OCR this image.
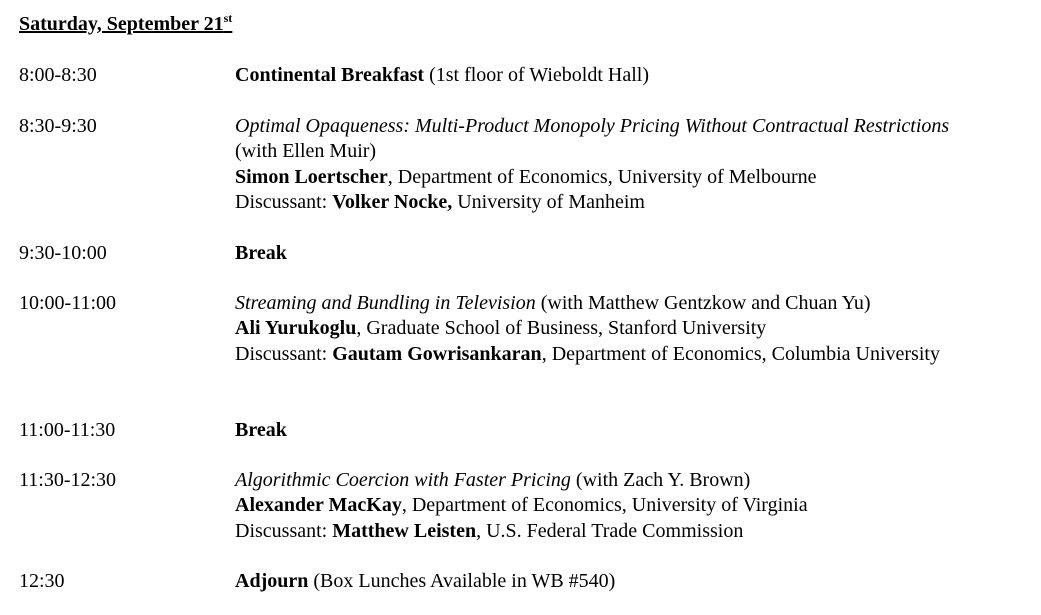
Saturday, September 21st
8:00-8:30	Continental Breakfast (1st floor of Wieboldt Hall)
8:30-9:30	Optimal Opaqueness: Multi-Product Monopoly Pricing Without Contractual Restrictions
(with Ellen Muir)
Simon Loertscher, Department of Economics, University of Melbourne
Discussant: Volker Nocke, University of Manheim
9:30-10:00	Break
10:00-11:00	Streaming and Bundling in Television (with Matthew Gentzkow and Chuan Yu)
Ali Yurukoglu, Graduate School of Business, Stanford University
Discussant: Gautam Gowrisankaran, Department of Economics, Columbia University
11:00-11:30	Break
11:30-12:30	Algorithmic Coercion with Faster Pricing (with Zach Y. Brown)
Alexander MacKay, Department of Economics, University of Virginia
Discussant: Matthew Leisten, U.S. Federal Trade Commission
12:30	Adjourn (Box Lunches Available in WB #540)
